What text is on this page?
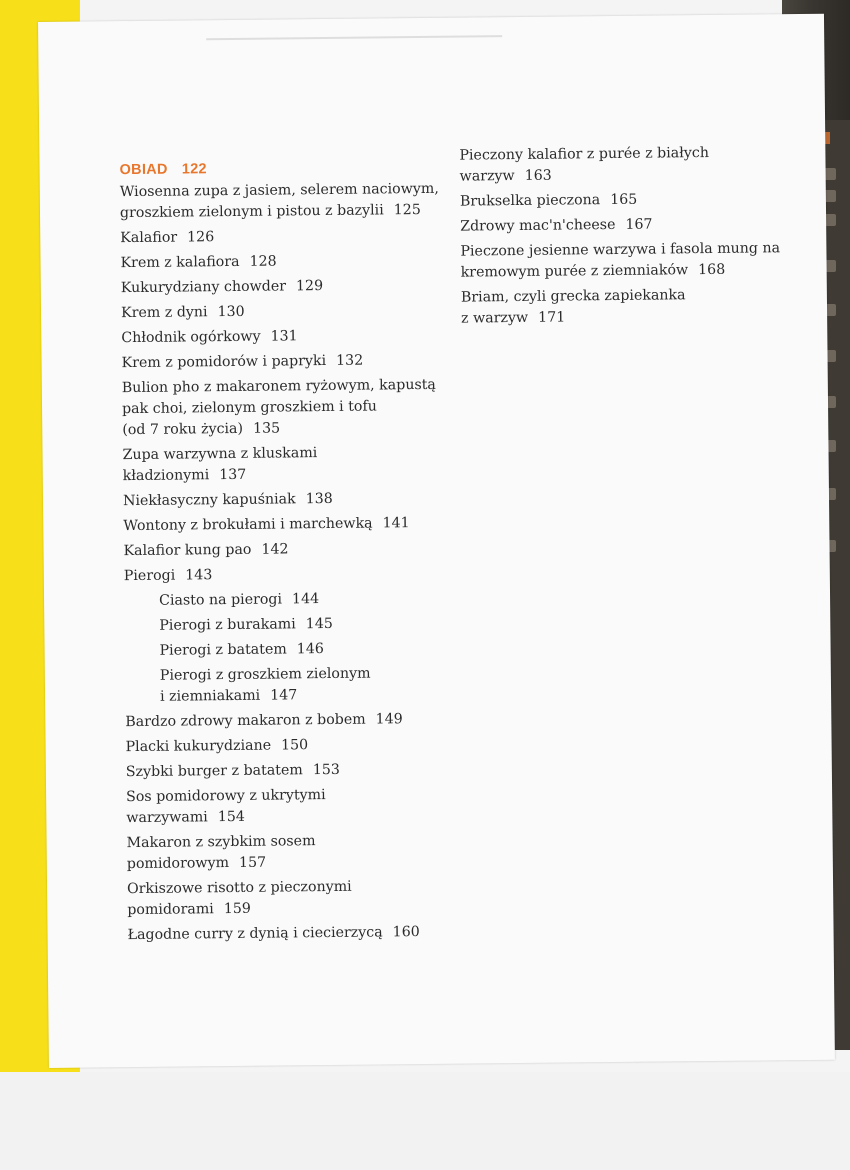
OBIAD 122
Wiosenna zupa z jasiem, selerem naciowym,
groszkiem zielonym i pistou z bazylii 125
Kalafior 126
Krem z kalafiora 128
Kukurydziany chowder 129
Krem z dyni 130
Chłodnik ogórkowy 131
Krem z pomidorów i papryki 132
Bulion pho z makaronem ryżowym, kapustą
pak choi, zielonym groszkiem i tofu
(od 7 roku życia) 135
Zupa warzywna z kluskami
kładzionymi 137
Niekłasyczny kapuśniak 138
Wontony z brokułami i marchewką 141
Kalafior kung pao 142
Pierogi 143
Ciasto na pierogi 144
Pierogi z burakami 145
Pierogi z batatem 146
Pierogi z groszkiem zielonym
i ziemniakami 147
Bardzo zdrowy makaron z bobem 149
Placki kukurydziane 150
Szybki burger z batatem 153
Sos pomidorowy z ukrytymi
warzywami 154
Makaron z szybkim sosem
pomidorowym 157
Orkiszowe risotto z pieczonymi
pomidorami 159
Łagodne curry z dynią i ciecierzycą 160
Pieczony kalafior z purée z białych
warzyw 163
Brukselka pieczona 165
Zdrowy mac'n'cheese 167
Pieczone jesienne warzywa i fasola mung na
kremowym purée z ziemniaków 168
Briam, czyli grecka zapiekanka
z warzyw 171
